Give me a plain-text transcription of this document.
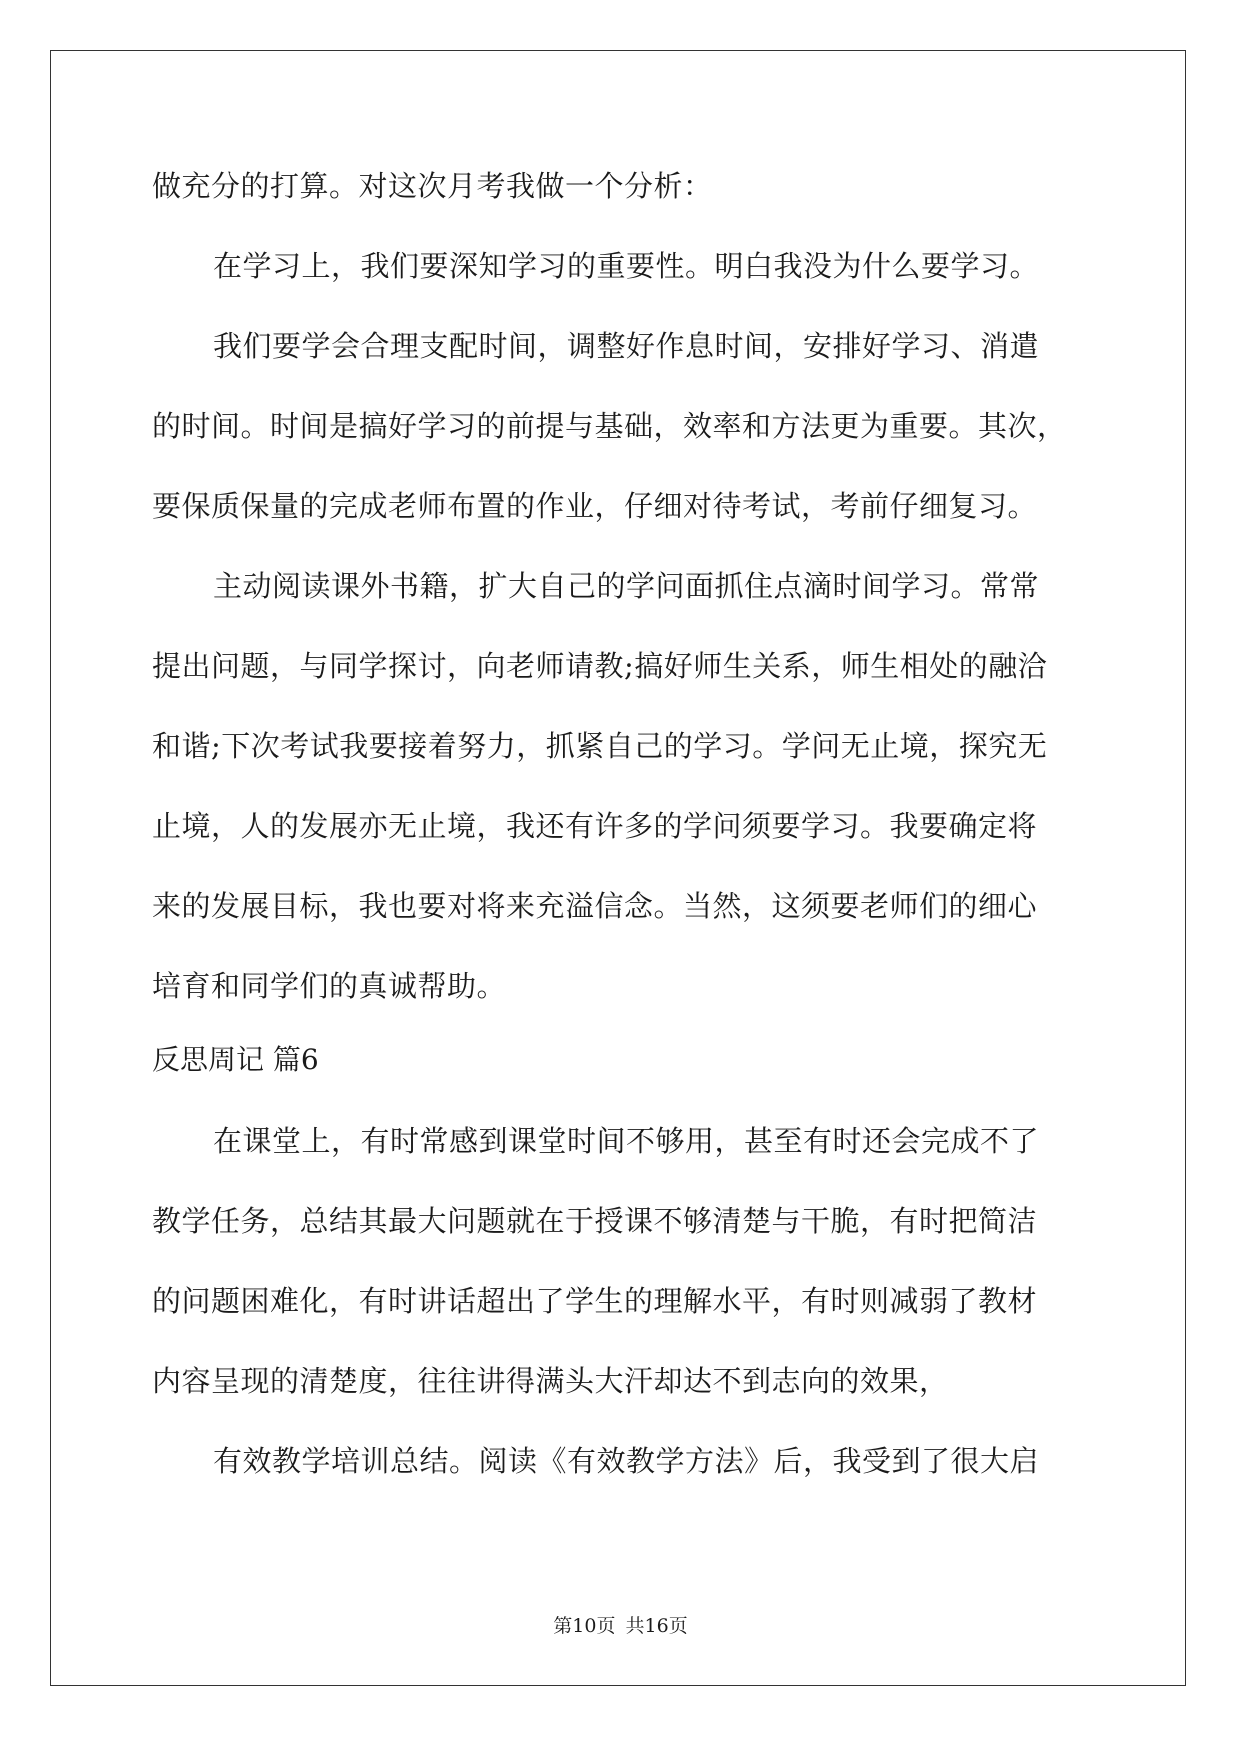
做充分的打算。对这次月考我做一个分析：
在学习上，我们要深知学习的重要性。明白我没为什么要学习。
我们要学会合理支配时间，调整好作息时间，安排好学习、消遣
的时间。时间是搞好学习的前提与基础，效率和方法更为重要。其次，
要保质保量的完成老师布置的作业，仔细对待考试，考前仔细复习。
主动阅读课外书籍，扩大自己的学问面抓住点滴时间学习。常常
提出问题，与同学探讨，向老师请教;搞好师生关系，师生相处的融洽
和谐;下次考试我要接着努力，抓紧自己的学习。学问无止境，探究无
止境，人的发展亦无止境，我还有许多的学问须要学习。我要确定将
来的发展目标，我也要对将来充溢信念。当然，这须要老师们的细心
培育和同学们的真诚帮助。
反思周记 篇6
在课堂上，有时常感到课堂时间不够用，甚至有时还会完成不了
教学任务，总结其最大问题就在于授课不够清楚与干脆，有时把简洁
的问题困难化，有时讲话超出了学生的理解水平，有时则减弱了教材
内容呈现的清楚度，往往讲得满头大汗却达不到志向的效果，
有效教学培训总结。阅读《有效教学方法》后，我受到了很大启
第10页 共16页
